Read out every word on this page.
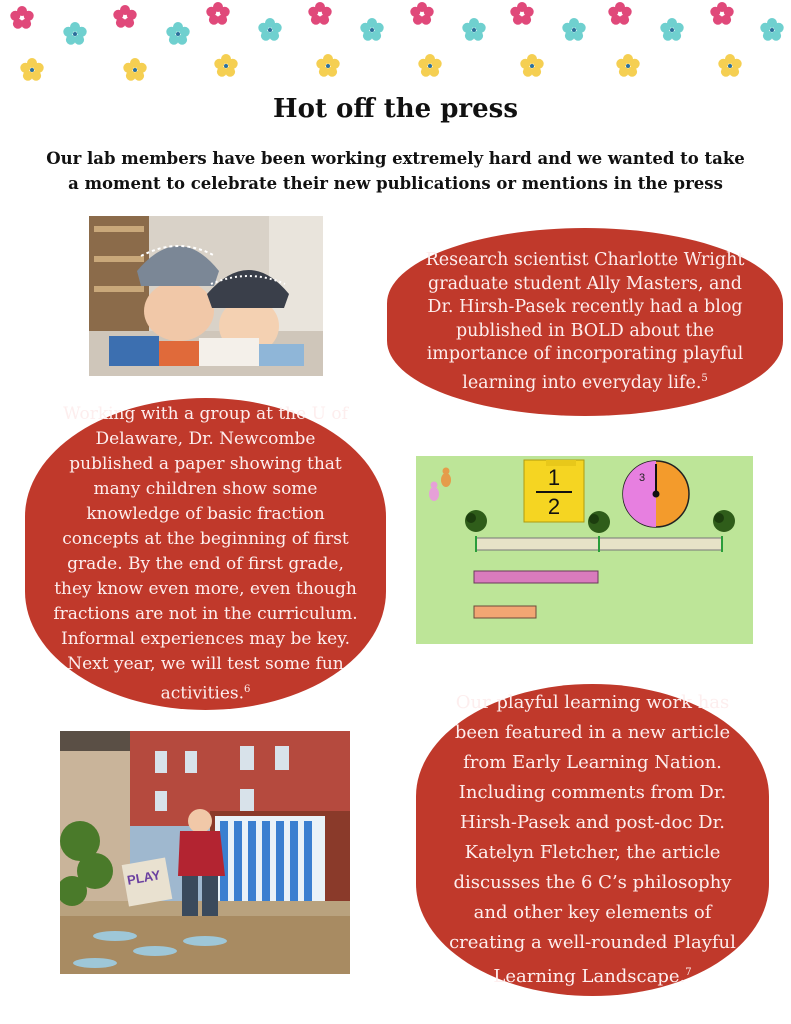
Hot off the press

Our lab members have been working extremely hard and we wanted to take a moment to celebrate their new publications or mentions in the press

Research scientist Charlotte Wright graduate student Ally Masters, and Dr. Hirsh-Pasek recently had a blog published in BOLD about the importance of incorporating playful learning into everyday life.$^5$

Working with a group at the U of Delaware, Dr. Newcombe published a paper showing that many children show some knowledge of basic fraction concepts at the beginning of first grade. By the end of first grade, they know even more, even though fractions are not in the curriculum. Informal experiences may be key. Next year, we will test some fun activities.$^6$

1
2
3
PLAY

Our playful learning work has been featured in a new article from Early Learning Nation. Including comments from Dr. Hirsh-Pasek and post-doc Dr. Katelyn Fletcher, the article discusses the 6 C’s philosophy and other key elements of creating a well-rounded Playful Learning Landscape.$^7$
